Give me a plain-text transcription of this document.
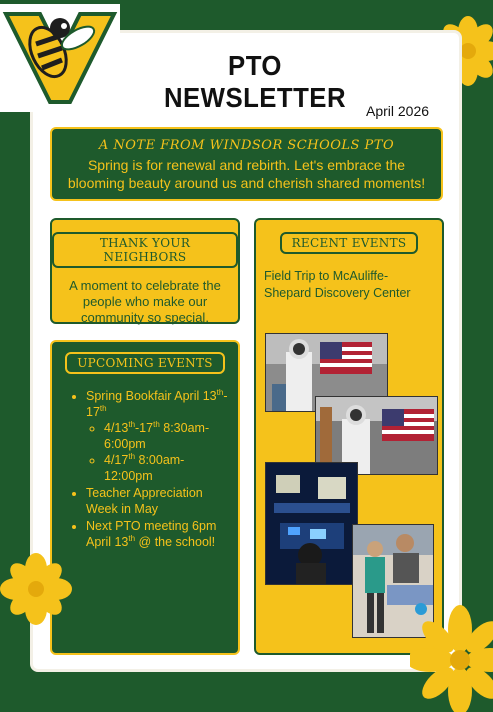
PTO NEWSLETTER	April 2026
A NOTE FROM WINDSOR SCHOOLS PTO
Spring is for renewal and rebirth. Let's embrace the blooming beauty around us and cherish shared moments!
THANK YOUR NEIGHBORS
A moment to celebrate the people who make our community so special.
UPCOMING EVENTS
• Spring Bookfair April 13th-17th
◦ 4/13th-17th 8:30am-6:00pm
◦ 4/17th 8:00am-12:00pm
• Teacher Appreciation Week in May
• Next PTO meeting 6pm April 13th @ the school!
RECENT EVENTS
Field Trip to McAuliffe-Shepard Discovery Center
